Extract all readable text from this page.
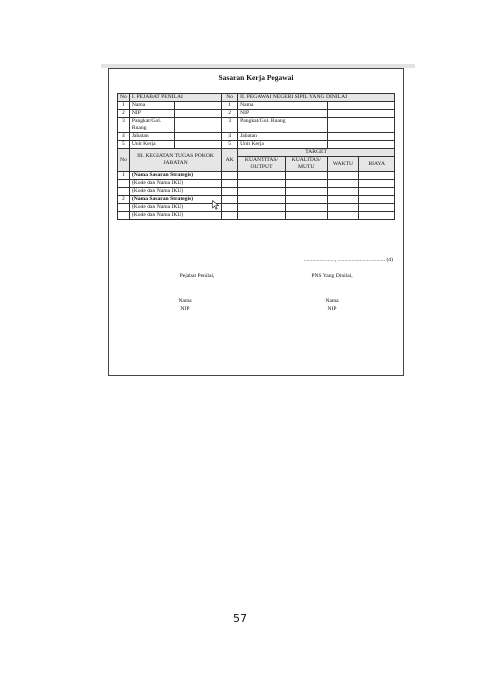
Sasaran Kerja Pegawai
No	I. PEJABAT PENILAI		No	II. PEGAWAI NEGERI SIPIL YANG DINILAI			
1	Nama		1	Nama			
2	NIP		2	NIP			
3	Pangkat/Gol. Ruang		3	Pangkat/Gol. Ruang			
4	Jabatan		4	Jabatan			
5	Unit Kerja		5	Unit Kerja			
No	III. KEGIATAN TUGAS POKOK JABATAN		AK	TARGET			
				KUANTITAS/ OUTPUT	KUALITAS/ MUTU	WAKTU	BIAYA
1	(Nama Sasaran Strategis)						
	(Kode dan Nama IKU)						
	(Kode dan Nama IKU)						
2	(Nama Sasaran Strategis)						
	(Kode dan Nama IKU)						
	(Kode dan Nama IKU)						
......................, .................................. (d)
Pejabat Penilai,	PNS Yang Dinilai,
Nama
NIP
Nama
NIP
57
